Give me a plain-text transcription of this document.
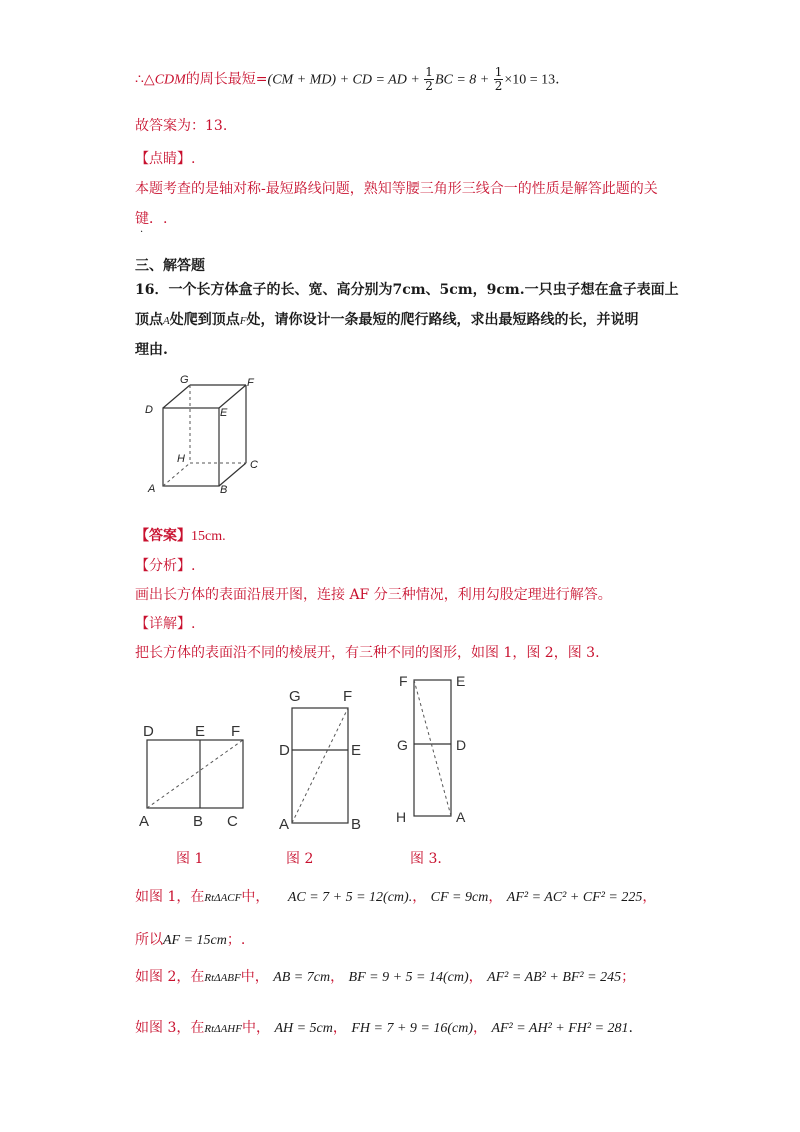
∴△CDM的周长最短=(CM + MD) + CD = AD + $\frac{1}{2}$ BC = $8 + \frac{1}{2} \times 10 = 13$.
故答案为：13.
【点睛】.
本题考查的是轴对称-最短路线问题，熟知等腰三角形三线合一的性质是解答此题的关
键．.
.
三、解答题
16．一个长方体盒子的长、宽、高分别为7cm、5cm，9cm.一只虫子想在盒子表面上
顶点A处爬到顶点F处，请你设计一条最短的爬行路线，求出最短路线的长，并说明
理由.
G	F
D	E
H	C
A	B
【答案】15cm.
【分析】.
画出长方体的表面沿展开图，连接 AF 分三种情况，利用勾股定理进行解答。
【详解】.
把长方体的表面沿不同的棱展开，有三种不同的图形，如图 1，图 2，图 3.
D	E F
A	B C
图 1
G	F
D	E
A	B
图 2
F	E
G	D
H	A
图 3.
如图 1，在RtΔACF中， AC = 7 + 5 = 12(cm).， CF = 9cm， AF² = AC² + CF² = 225，
所以AF = 15cm；.
如图 2，在RtΔABF中， AB = 7cm， BF = 9 + 5 = 14(cm)， AF² = AB² + BF² = 245；
如图 3，在RtΔAHF中， AH = 5cm， FH = 7 + 9 = 16(cm)， AF² = AH² + FH² = 281.
